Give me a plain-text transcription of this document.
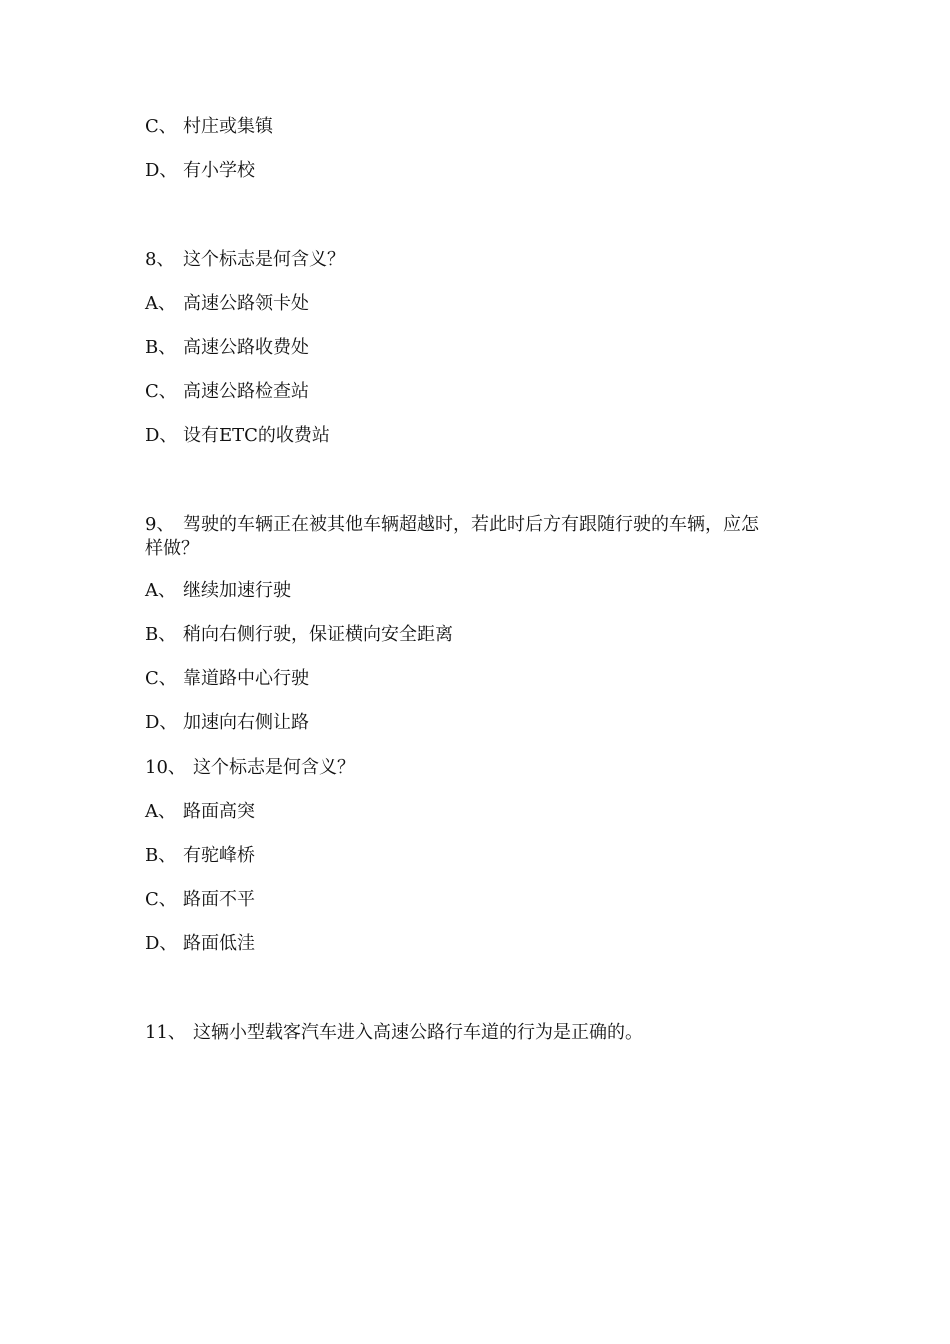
C、 村庄或集镇
D、 有小学校
8、 这个标志是何含义？
A、 高速公路领卡处
B、 高速公路收费处
C、 高速公路检查站
D、 设有ETC的收费站
9、 驾驶的车辆正在被其他车辆超越时，若此时后方有跟随行驶的车辆，应怎
样做？
A、 继续加速行驶
B、 稍向右侧行驶，保证横向安全距离
C、 靠道路中心行驶
D、 加速向右侧让路
10、 这个标志是何含义？
A、 路面高突
B、 有驼峰桥
C、 路面不平
D、 路面低洼
11、 这辆小型载客汽车进入高速公路行车道的行为是正确的。
